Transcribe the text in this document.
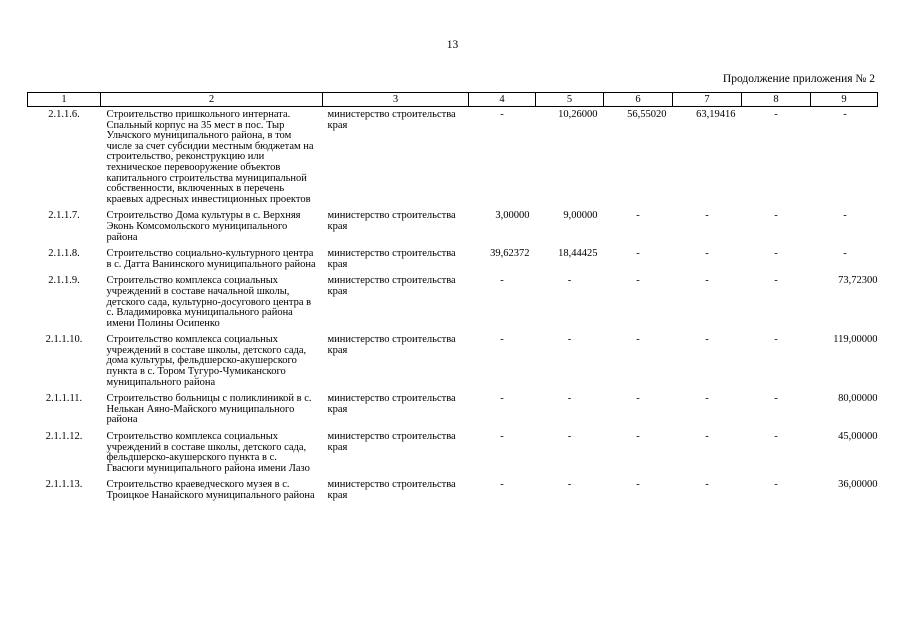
13
Продолжение приложения № 2
1	2	3	4	5	6	7	8	9
2.1.1.6.	Строительство пришкольного интерната. Спальный корпус на 35 мест в пос. Тыр Ульчского муниципального района, в том числе за счет субсидии местным бюджетам на строительство, реконструкцию или техническое перевооружение объектов капитального строительства муниципальной собственности, включенных в перечень краевых адресных инвестиционных проектов	министерство строительства края	-	10,26000	56,55020	63,19416	-	-
2.1.1.7.	Строительство Дома культуры в с. Верхняя Эконь Комсомольского муниципального района	министерство строительства края	3,00000	9,00000	-	-	-	-
2.1.1.8.	Строительство социально-культурного центра в с. Датта Ванинского муниципального района	министерство строительства края	39,62372	18,44425	-	-	-	-
2.1.1.9.	Строительство комплекса социальных учреждений в составе начальной школы, детского сада, культурно-досугового центра в с. Владимировка муниципального района имени Полины Осипенко	министерство строительства края	-	-	-	-	-	73,72300
2.1.1.10.	Строительство комплекса социальных учреждений в составе школы, детского сада, дома культуры, фельдшерско-акушерского пункта в с. Тором Тугуро-Чумиканского муниципального района	министерство строительства края	-	-	-	-	-	119,00000
2.1.1.11.	Строительство больницы с поликлиникой в с. Нелькан Аяно-Майского муниципального района	министерство строительства края	-	-	-	-	-	80,00000
2.1.1.12.	Строительство комплекса социальных учреждений в составе школы, детского сада, фельдшерско-акушерского пункта в с. Гвасюги муниципального района имени Лазо	министерство строительства края	-	-	-	-	-	45,00000
2.1.1.13.	Строительство краеведческого музея в с. Троицкое Нанайского муниципального района	министерство строительства края	-	-	-	-	-	36,00000
